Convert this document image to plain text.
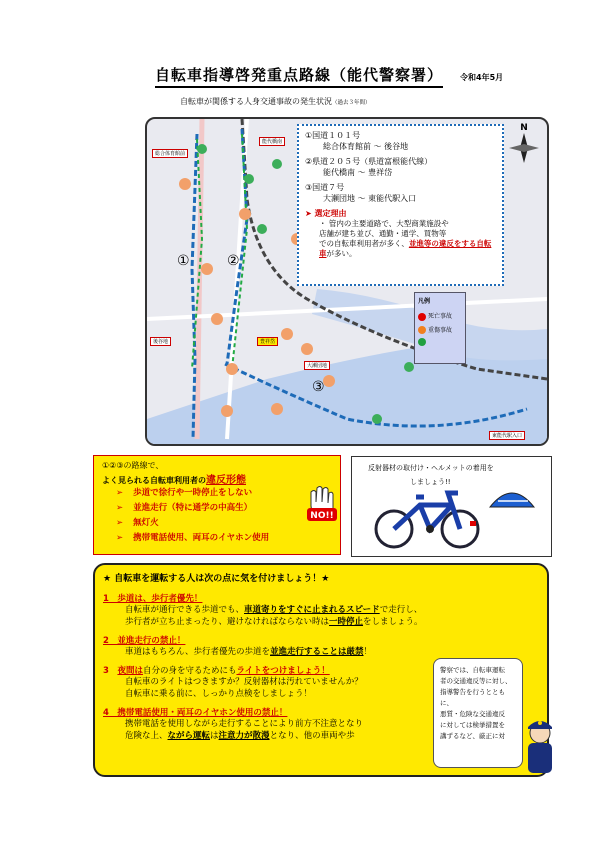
自転車指導啓発重点路線（能代警察署） 令和4年5月
自転車が関係する人身交通事故の発生状況（過去３年間）
総合体育館前
能代橋南
後谷地	豊祥岱
大瀬団地
東能代駅入口
①	②
③
N
①国道１０１号
総合体育館前 ～ 後谷地
②県道２０５号（県道富根能代線）
能代橋南 ～ 豊祥岱
③国道７号
大瀬団地 ～ 東能代駅入口
➤ 選定理由
・ 管内の主要道路で、大型商業施設や
店舗が建ち並び、通勤・通学、買物等
での自転車利用者が多く、並進等の違反をする自転車が多い。
凡例
死亡事故
重傷事故
①②③の路線で、
よく見られる自転車利用者の違反形態
➢ 歩道で徐行や一時停止をしない
➢ 並進走行（特に通学の中高生）
➢ 無灯火
➢ 携帯電話使用、両耳のイヤホン使用
NO!!
反射器材の取付け・ヘルメットの着用を
しましょう!!
★ 自転車を運転する人は次の点に気を付けましょう！★
1　歩道は、歩行者優先！
自転車が通行できる歩道でも、車道寄りをすぐに止まれるスピードで走行し、
歩行者が立ち止まったり、避けなければならない時は一時停止をしましょう。
2　並進走行の禁止！
車道はもちろん、歩行者優先の歩道を並進走行することは厳禁！
3　 夜間は自分の身を守るためにもライトをつけましょう！
自転車のライトはつきますか？反射器材は汚れていませんか？
自転車に乗る前に、しっかり点検をしましょう！
4　携帯電話使用・両耳のイヤホン使用の禁止！
携帯電話を使用しながら走行することにより前方不注意となり
危険な上、ながら運転は注意力が散漫となり、他の車両や歩
警察では、自転車運転
者の交通違反等に対し、
指導警告を行うとともに、
悪質・危険な交通違反
に対しては検挙措置を
講ずるなど、厳正に対
